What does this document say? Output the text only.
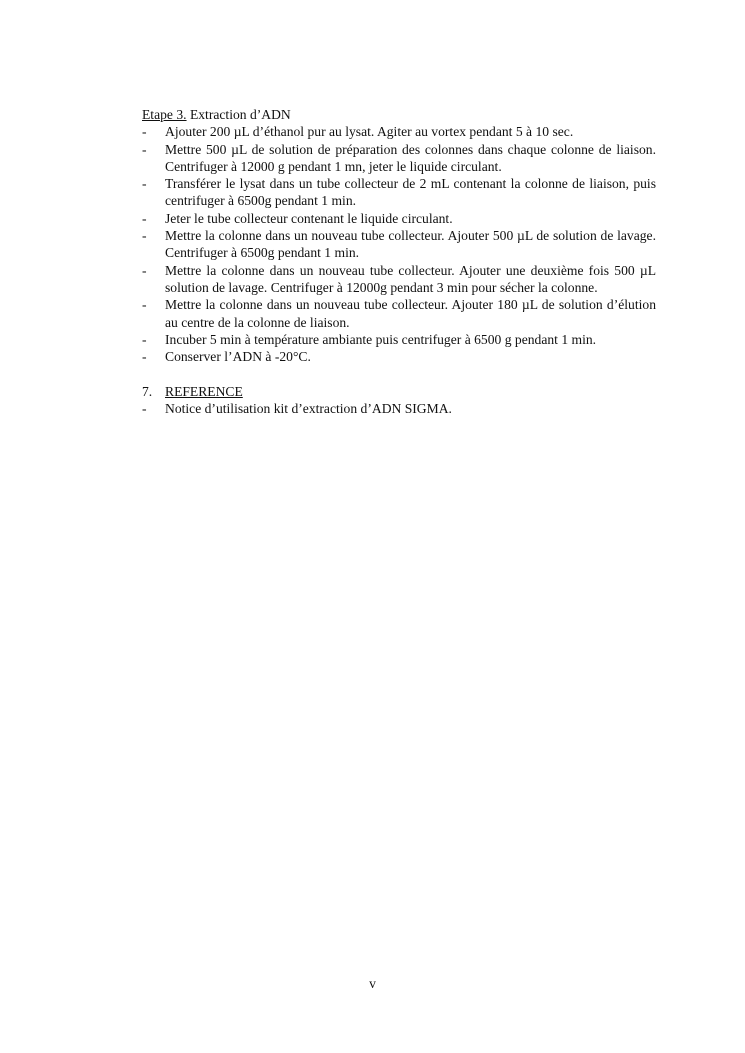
Etape 3. Extraction d’ADN

- Ajouter 200 µL d’éthanol pur au lysat. Agiter au vortex pendant 5 à 10 sec.
- Mettre 500 µL de solution de préparation des colonnes dans chaque colonne de liaison. Centrifuger à 12000 g pendant 1 mn, jeter le liquide circulant.
- Transférer le lysat dans un tube collecteur de 2 mL contenant la colonne de liaison, puis centrifuger à 6500g pendant 1 min.
- Jeter le tube collecteur contenant le liquide circulant.
- Mettre la colonne dans un nouveau tube collecteur. Ajouter 500 µL de solution de lavage. Centrifuger à 6500g pendant 1 min.
- Mettre la colonne dans un nouveau tube collecteur. Ajouter une deuxième fois 500 µL solution de lavage. Centrifuger à 12000g pendant 3 min pour sécher la colonne.
- Mettre la colonne dans un nouveau tube collecteur. Ajouter 180 µL de solution d’élution au centre de la colonne de liaison.
- Incuber 5 min à température ambiante puis centrifuger à 6500 g pendant 1 min.
- Conserver l’ADN à -20°C.
7. REFERENCE
- Notice d’utilisation kit d’extraction d’ADN SIGMA.
v
